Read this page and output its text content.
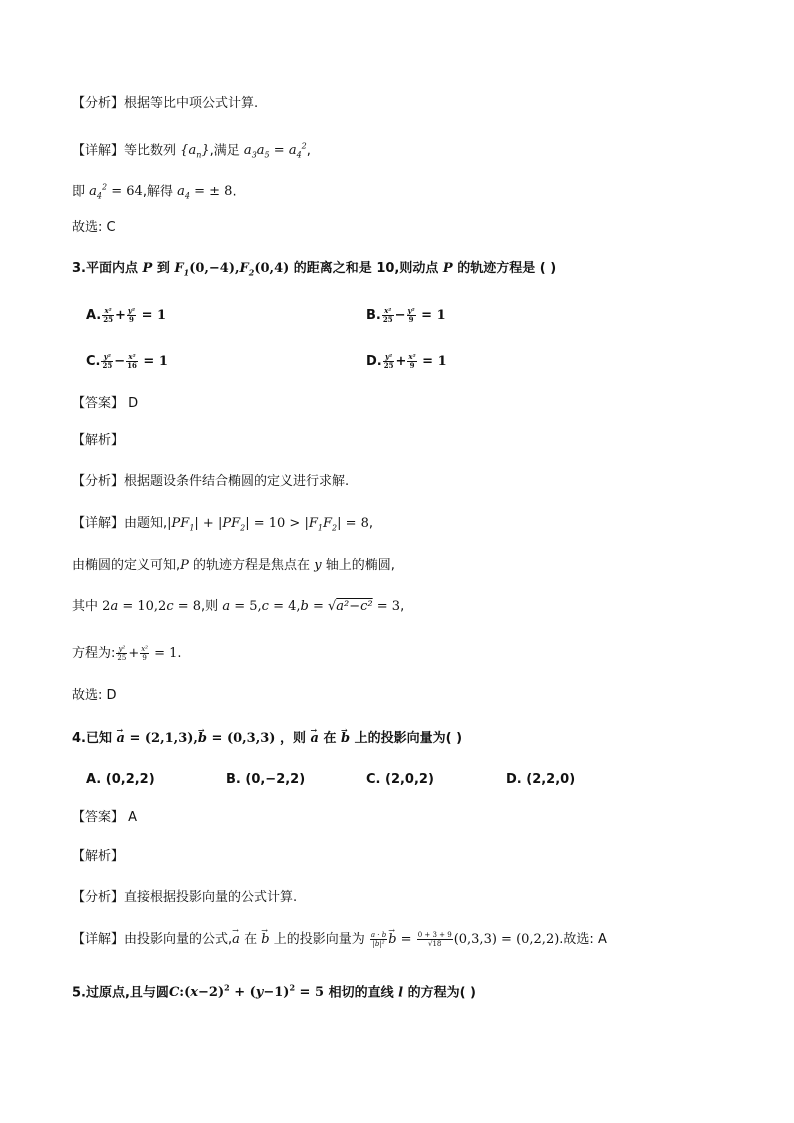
【分析】根据等比中项公式计算.
【详解】等比数列 $\{a_n\}$,满足 $a_3a_5 = a_4^2$,
即 $a_4^2 = 64$,解得 $a_4$ = ± 8.
故选: C
3.平面内点 P 到 $F_1(0,-4),F_2(0,4)$ 的距离之和是 10,则动点 P 的轨迹方程是 ( )
A. $\frac{\text{x²}}{25} + \frac{\text{y²}}{9} = 1$	B. $\frac{\text{x²}}{25} - \frac{\text{y²}}{9} = 1$
C. $\frac{\text{y²}}{25} - \frac{\text{x²}}{16} = 1$	D. $\frac{\text{y²}}{25} + \frac{\text{x²}}{9} = 1$
【答案】 D
【解析】
【分析】根据题设条件结合椭圆的定义进行求解.
【详解】由题知$,|PF_1| + |PF_2| = 10 > |F_1F_2| = 8$,
由椭圆的定义可知,P 的轨迹方程是焦点在 y 轴上的椭圆,
其中 2a = 10,2c = 8,则 a = 5,c = 4,b = √a²−c² = 3,
方程为: $\frac{\text{y²}}{25} + \frac{\text{x²}}{9} = 1$.
故选: D
4.已知 → a = (2,1,3),→ b = (0,3,3) ，则 → a 在 → b 上的投影向量为( )
A. (0,2,2)	B. (0,−2,2)	C. (2,0,2)	D. (2,2,0)
【答案】 A
【解析】
【分析】直接根据投影向量的公式计算.
【详解】由投影向量的公式,→ a 在 → b 上的投影向量为 $\frac{a \cdot b}{\text{|b|²}} \to b = \frac{0 + 3 + 9}{√18} (0,3,3) = (0,2,2)$.故选: A
5.过原点,且与圆$C:(x-2)^2 + (y-1)^2 = 5$ 相切的直线 l 的方程为( )
